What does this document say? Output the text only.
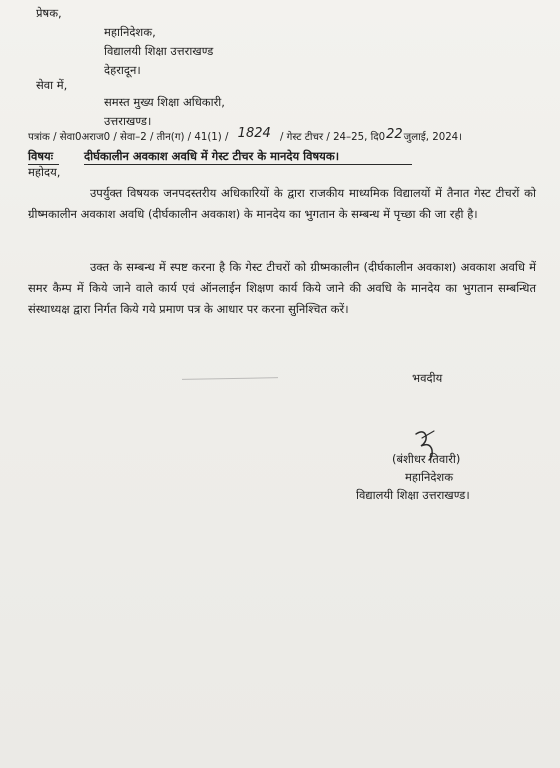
प्रेषक,
महानिदेशक,
विद्यालयी शिक्षा उत्तराखण्ड
देहरादून।
सेवा में,
समस्त मुख्य शिक्षा अधिकारी,
उत्तराखण्ड।
पत्रांक / सेवा0अराज0 / सेवा–2 / तीन(ग) / 41(1) / 1824 / गेस्ट टीचर / 24–25, दि022जुलाई, 2024।
विषयः	दीर्घकालीन अवकाश अवधि में गेस्ट टीचर के मानदेय विषयक।
महोदय,
उपर्युक्त विषयक जनपदस्तरीय अधिकारियों के द्वारा राजकीय माध्यमिक विद्यालयों में तैनात गेस्ट टीचरों को ग्रीष्मकालीन अवकाश अवधि (दीर्घकालीन अवकाश) के मानदेय का भुगतान के सम्बन्ध में पृच्छा की जा रही है।
उक्त के सम्बन्ध में स्पष्ट करना है कि गेस्ट टीचरों को ग्रीष्मकालीन (दीर्घकालीन अवकाश) अवकाश अवधि में समर कैम्प में किये जाने वाले कार्य एवं ऑनलाईन शिक्षण कार्य किये जाने की अवधि के मानदेय का भुगतान सम्बन्धित संस्थाध्यक्ष द्वारा निर्गत किये गये प्रमाण पत्र के आधार पर करना सुनिश्चित करें।
भवदीय
(बंशीधर तिवारी)
महानिदेशक
विद्यालयी शिक्षा उत्तराखण्ड।
